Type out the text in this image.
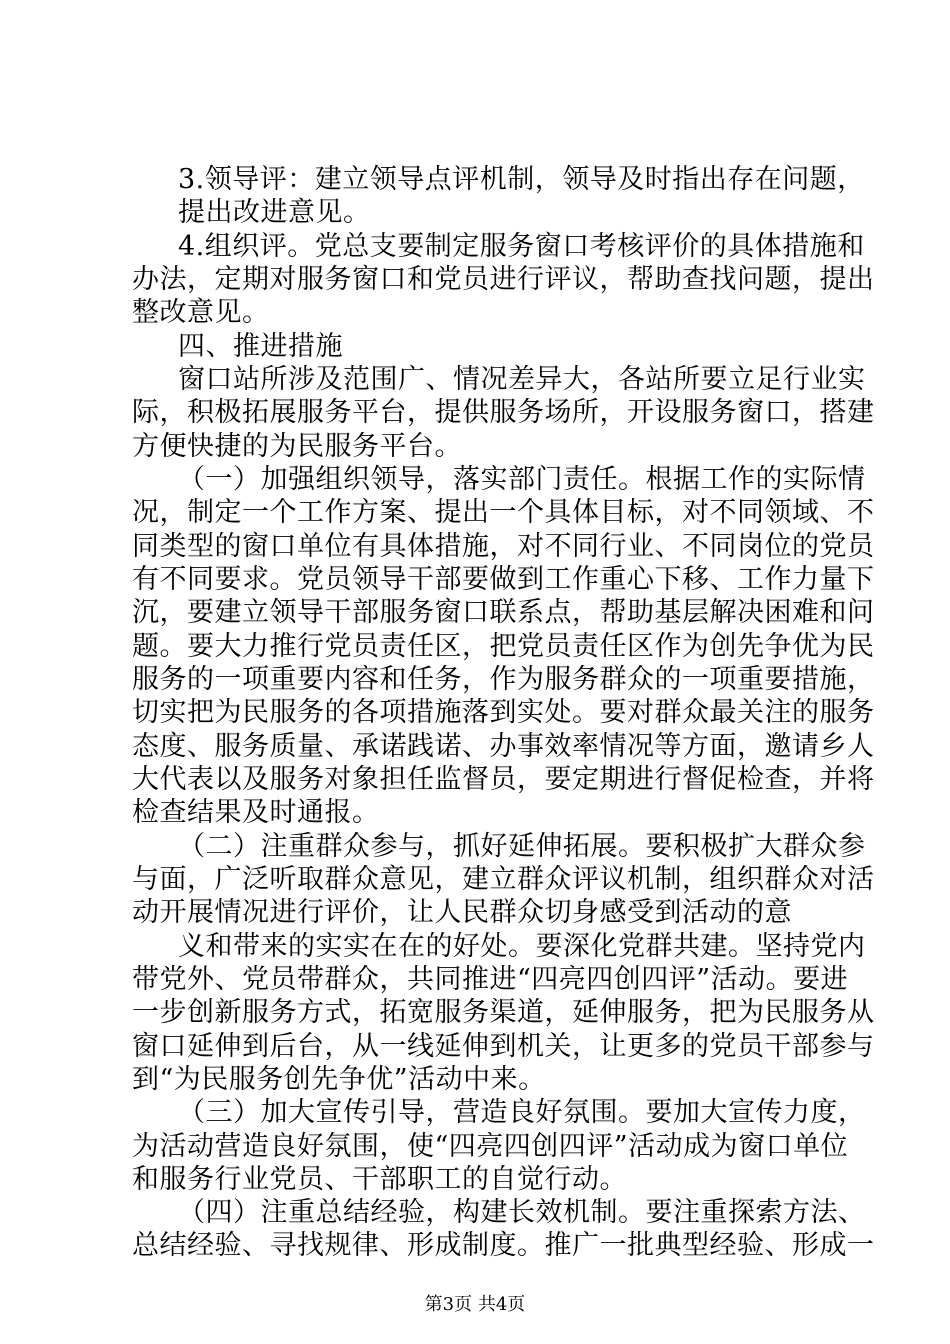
3.领导评：建立领导点评机制，领导及时指出存在问题，
提出改进意见。
4.组织评。党总支要制定服务窗口考核评价的具体措施和
办法，定期对服务窗口和党员进行评议，帮助查找问题，提出
整改意见。
四、推进措施
窗口站所涉及范围广、情况差异大，各站所要立足行业实
际，积极拓展服务平台，提供服务场所，开设服务窗口，搭建
方便快捷的为民服务平台。
（一）加强组织领导，落实部门责任。根据工作的实际情
况，制定一个工作方案、提出一个具体目标，对不同领域、不
同类型的窗口单位有具体措施，对不同行业、不同岗位的党员
有不同要求。党员领导干部要做到工作重心下移、工作力量下
沉，要建立领导干部服务窗口联系点，帮助基层解决困难和问
题。要大力推行党员责任区，把党员责任区作为创先争优为民
服务的一项重要内容和任务，作为服务群众的一项重要措施，
切实把为民服务的各项措施落到实处。要对群众最关注的服务
态度、服务质量、承诺践诺、办事效率情况等方面，邀请乡人
大代表以及服务对象担任监督员，要定期进行督促检查，并将
检查结果及时通报。
（二）注重群众参与，抓好延伸拓展。要积极扩大群众参
与面，广泛听取群众意见，建立群众评议机制，组织群众对活
动开展情况进行评价，让人民群众切身感受到活动的意
义和带来的实实在在的好处。要深化党群共建。坚持党内
带党外、党员带群众，共同推进“四亮四创四评”活动。要进
一步创新服务方式，拓宽服务渠道，延伸服务，把为民服务从
窗口延伸到后台，从一线延伸到机关，让更多的党员干部参与
到“为民服务创先争优”活动中来。
（三）加大宣传引导，营造良好氛围。要加大宣传力度，
为活动营造良好氛围，使“四亮四创四评”活动成为窗口单位
和服务行业党员、干部职工的自觉行动。
（四）注重总结经验，构建长效机制。要注重探索方法、
总结经验、寻找规律、形成制度。推广一批典型经验、形成一
第3页 共4页
